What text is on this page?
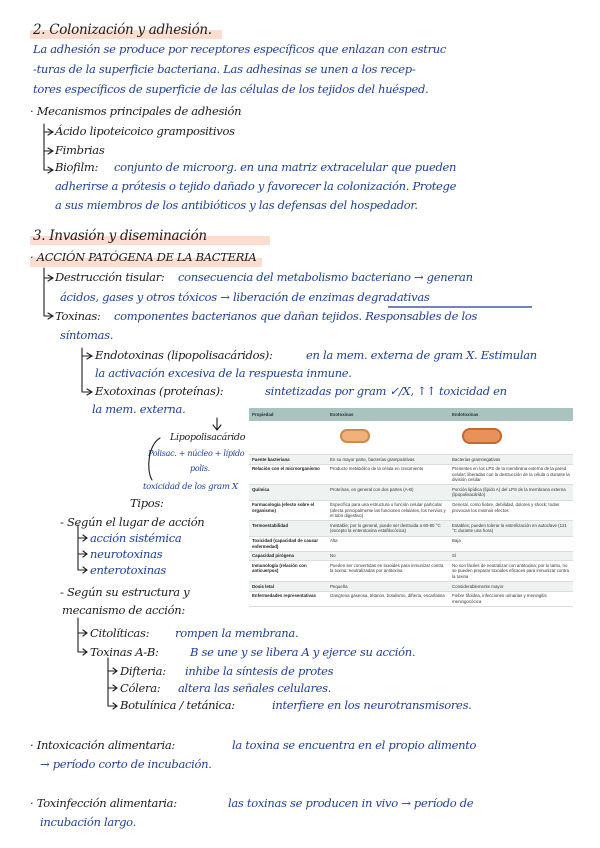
2. Colonización y adhesión.
La adhesión se produce por receptores específicos que enlazan con estruc
-turas de la superficie bacteriana. Las adhesinas se unen a los recep-
tores específicos de superficie de las células de los tejidos del huésped.
· Mecanismos principales de adhesión
Ácido lipoteicoico grampositivos
Fimbrias
Biofilm: conjunto de microorg. en una matriz extracelular que pueden
adherirse a prótesis o tejido dañado y favorecer la colonización. Protege
a sus miembros de los antibióticos y las defensas del hospedador.
3. Invasión y diseminación
· ACCIÓN PATÓGENA DE LA BACTERIA
Destrucción tisular: consecuencia del metabolismo bacteriano → generan
ácidos, gases y otros tóxicos → liberación de enzimas degradativas
Toxinas: componentes bacterianos que dañan tejidos. Responsables de los
síntomas.
Endotoxinas (lipopolisacáridos):	en la mem. externa de gram X. Estimulan
la activación excesiva de la respuesta inmune.
Exotoxinas (proteínas):	sintetizadas por gram ✓/X, ↑↑ toxicidad en
la mem. externa.
Lipopolisacárido
Polisac. + núcleo + lípido
polis.
toxicidad de los gram X
Tipos:
- Según el lugar de acción
acción sistémica
neurotoxinas
enterotoxinas
- Según su estructura y
mecanismo de acción:
Citolíticas: rompen la membrana.
Toxinas A-B:	B se une y se libera A y ejerce su acción.
Difteria: inhibe la síntesis de protes
Cólera: altera las señales celulares.
Botulínica / tetánica:	interfiere en los neurotransmisores.
· Intoxicación alimentaria:	la toxina se encuentra en el propio alimento
→ período corto de incubación.
· Toxinfección alimentaria:	las toxinas se producen in vivo → período de
incubación largo.
Propiedad	Exotoxinas	Endotoxinas

Fuente bacteriana	En su mayor parte, bacterias grampositivas	Bacterias gramnegativas
Relación con el microorganismo	Producto metabólico de la célula en crecimiento	Presentes en los LPS de la membrana externa de la pared celular; liberadas con la destrucción de la célula o durante la división celular
Química	Proteínas, en general con dos partes (A-B)	Porción lipídica (lípido A) del LPS de la membrana externa (lipopolisacárido)
Farmacología (efecto sobre el organismo)	Específica para una estructura o función celular particular (afecta principalmente las funciones celulares, los nervios y el tubo digestivo)	General, como fiebre, debilidad, dolores y shock; todas provocan los mismos efectos
Termoestabilidad	Inestable; por lo general, puede ser destruida a 60-80 °C (excepto la enterotoxina estafilocócica)	Estables; pueden tolerar la esterilización en autoclave (121 °C durante una hora)
Toxicidad (capacidad de causar enfermedad)	Alta	Baja
Capacidad pirógena	No	Sí
Inmunología (relación con anticuerpos)	Pueden ser convertidas en toxoides para inmunizar contra la toxina; neutralizadas por antitoxina	No son fáciles de neutralizar con antitoxina; por lo tanto, no se pueden preparar toxoides eficaces para inmunizar contra la toxina
Dosis letal	Pequeña	Considerablemente mayor
Enfermedades representativas	Gangrena gaseosa, tétanos, botulismo, difteria, escarlatina	Fiebre tifoidea, infecciones urinarias y meningitis meningocócica
